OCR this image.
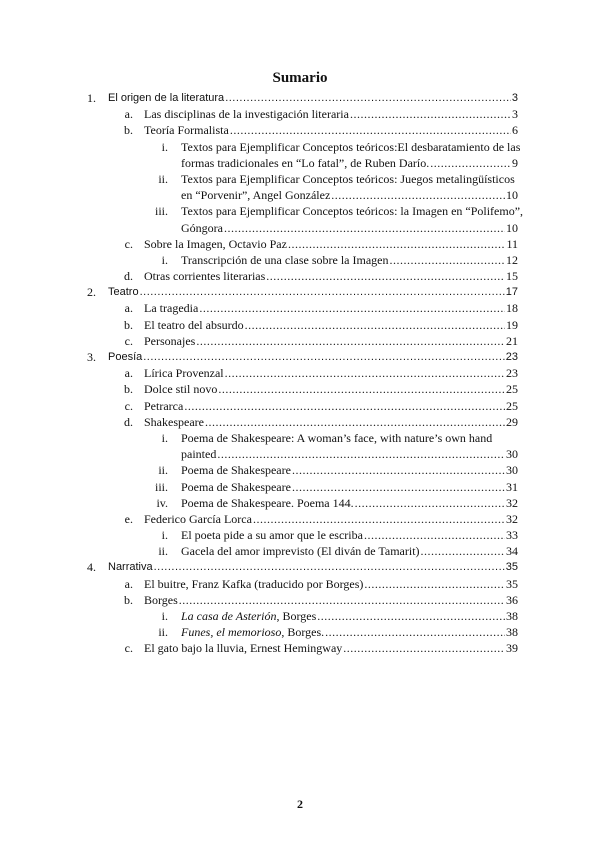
Sumario
1. El origen de la literatura .....	3
a. Las disciplinas de la investigación literaria .....	3
b. Teoría Formalista .....	6
i. Textos para Ejemplificar Conceptos teóricos:El desbaratamiento de las
formas tradicionales en “Lo fatal”, de Ruben Darío. .....	9
ii. Textos para Ejemplificar Conceptos teóricos: Juegos metalingüísticos
en “Porvenir”, Angel González .....	10
iii. Textos para Ejemplificar Conceptos teóricos: la Imagen en “Polifemo”,
Góngora .....	10
c. Sobre la Imagen, Octavio Paz .....	11
i. Transcripción de una clase sobre la Imagen .....	12
d. Otras corrientes literarias .....	15
2. Teatro .....	17
a. La tragedia .....	18
b. El teatro del absurdo .....	19
c. Personajes .....	21
3. Poesía .....	23
a. Lírica Provenzal .....	23
b. Dolce stil novo .....	25
c. Petrarca .....	25
d. Shakespeare .....	29
i. Poema de Shakespeare: A woman’s face, with nature’s own hand
painted .....	30
ii. Poema de Shakespeare .....	30
iii. Poema de Shakespeare .....	31
iv. Poema de Shakespeare. Poema 144. .....	32
e. Federico García Lorca .....	32
i. El poeta pide a su amor que le escriba .....	33
ii. Gacela del amor imprevisto (El diván de Tamarit) .....	34
4. Narrativa .....	35
a. El buitre, Franz Kafka (traducido por Borges) .....	35
b. Borges .....	36
i. La casa de Asterión, Borges .....	38
ii. Funes, el memorioso, Borges. .....	38
c. El gato bajo la lluvia, Ernest Hemingway .....	39
2
